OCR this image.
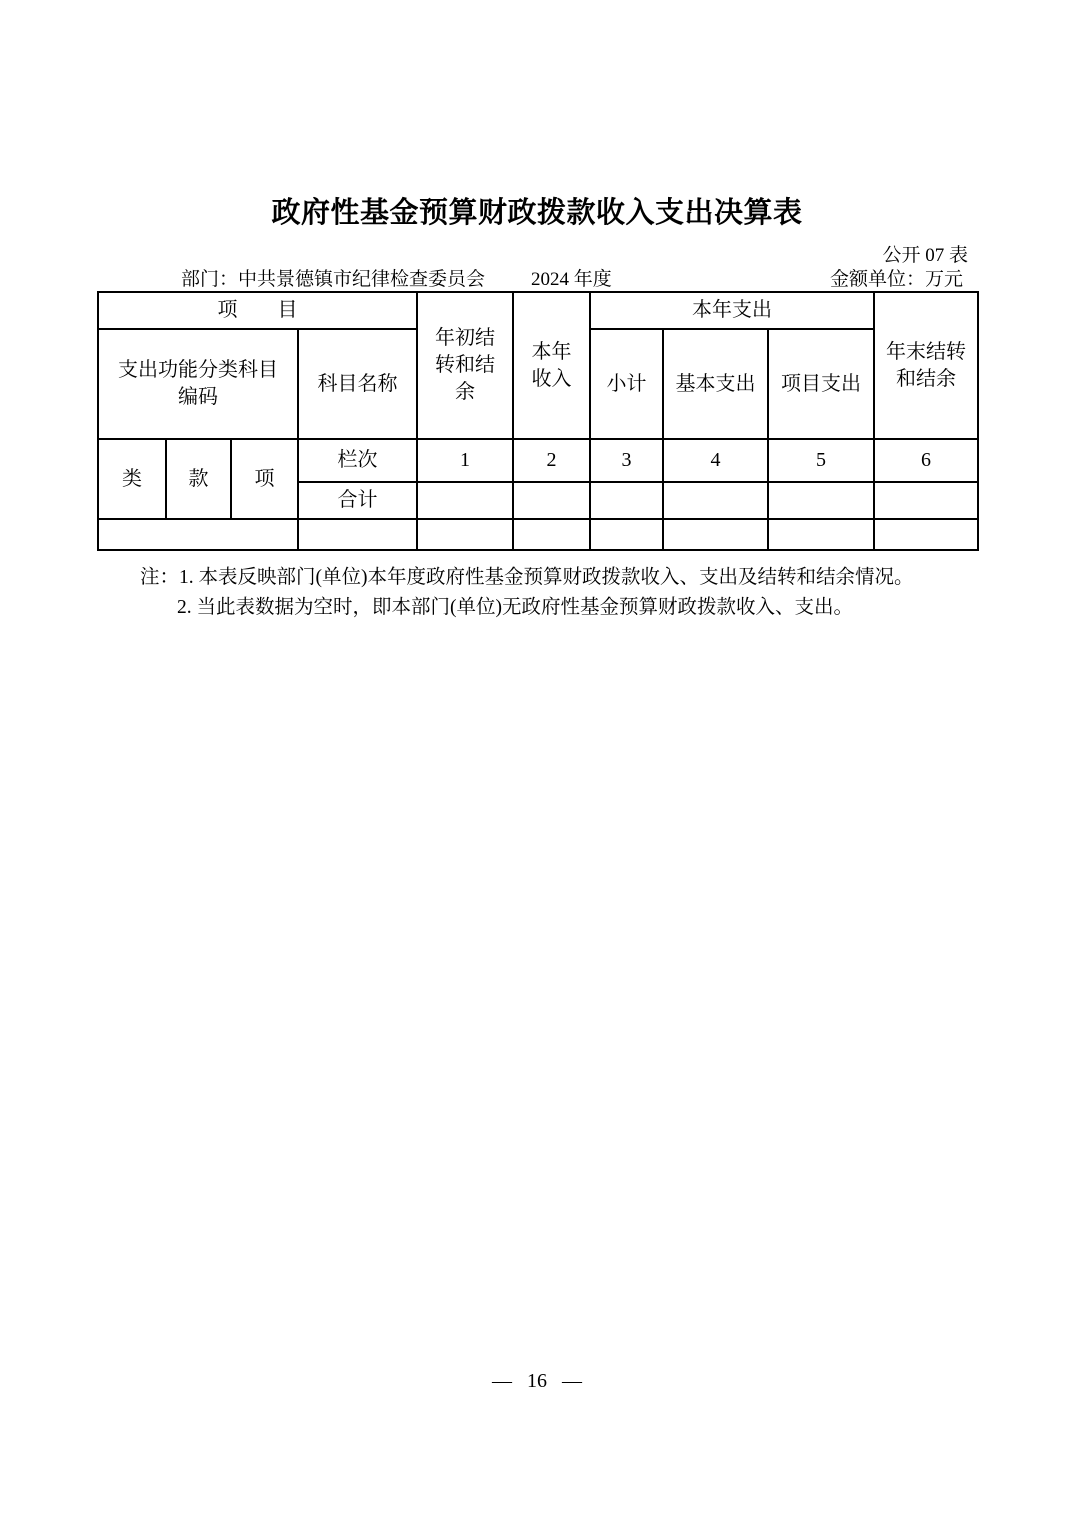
政府性基金预算财政拨款收入支出决算表
公开 07 表
部门：中共景德镇市纪律检查委员会 2024 年度	金额单位：万元
项　　目				年初结转和结余	本年收入	本年支出			年末结转和结余
支出功能分类科目编码			科目名称			小计	基本支出	项目支出	
类	款	项	栏次	1	2	3	4	5	6
			合计						

注：1. 本表反映部门(单位)本年度政府性基金预算财政拨款收入、支出及结转和结余情况。
2. 当此表数据为空时，即本部门(单位)无政府性基金预算财政拨款收入、支出。
— 16 —
